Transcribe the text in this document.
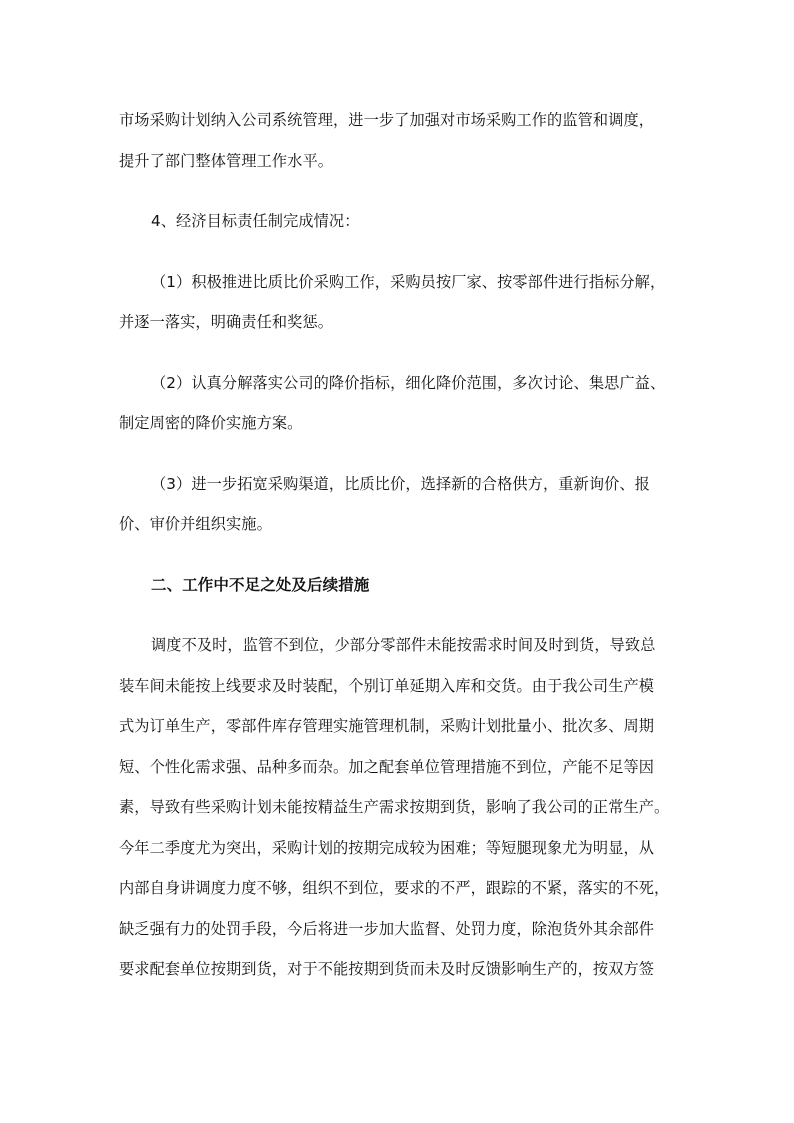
市场采购计划纳入公司系统管理，进一步了加强对市场采购工作的监管和调度，
提升了部门整体管理工作水平。
4、经济目标责任制完成情况：
（1）积极推进比质比价采购工作，采购员按厂家、按零部件进行指标分解，
并逐一落实，明确责任和奖惩。
（2）认真分解落实公司的降价指标，细化降价范围，多次讨论、集思广益、
制定周密的降价实施方案。
（3）进一步拓宽采购渠道，比质比价，选择新的合格供方，重新询价、报
价、审价并组织实施。
二、工作中不足之处及后续措施
调度不及时，监管不到位，少部分零部件未能按需求时间及时到货，导致总
装车间未能按上线要求及时装配，个别订单延期入库和交货。由于我公司生产模
式为订单生产，零部件库存管理实施管理机制，采购计划批量小、批次多、周期
短、个性化需求强、品种多而杂。加之配套单位管理措施不到位，产能不足等因
素，导致有些采购计划未能按精益生产需求按期到货，影响了我公司的正常生产。
今年二季度尤为突出，采购计划的按期完成较为困难；等短腿现象尤为明显，从
内部自身讲调度力度不够，组织不到位，要求的不严，跟踪的不紧，落实的不死，
缺乏强有力的处罚手段，今后将进一步加大监督、处罚力度，除泡货外其余部件
要求配套单位按期到货，对于不能按期到货而未及时反馈影响生产的，按双方签
